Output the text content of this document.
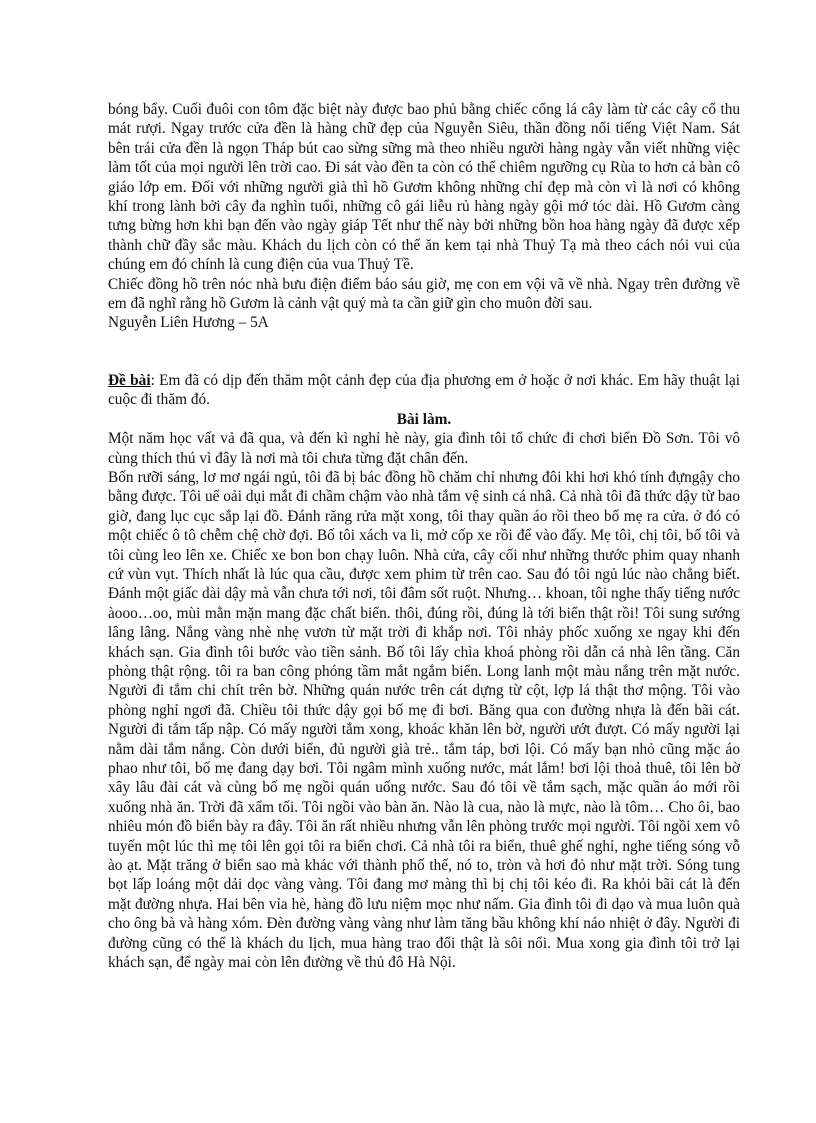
bóng bẩy. Cuối đuôi con tôm đặc biệt này được bao phủ bằng chiếc cổng lá cây làm từ các cây cổ thu mát rượi. Ngay trước cửa đền là hàng chữ đẹp của Nguyễn Siêu, thần đồng nổi tiếng Việt Nam. Sát bên trái cửa đền là ngọn Tháp bút cao sừng sững mà theo nhiều người hàng ngày vẫn viết những việc làm tốt của mọi người lên trời cao. Đi sát vào đền ta còn có thể chiêm ngưỡng cụ Rùa to hơn cả bàn cô giáo lớp em. Đối với những người già thì hồ Gươm không những chỉ đẹp mà còn vì là nơi có không khí trong lành bởi cây đa nghìn tuổi, những cô gái liễu rủ hàng ngày gội mớ tóc dài. Hồ Gươm càng tưng bừng hơn khi bạn đến vào ngày giáp Tết như thế này bởi những bồn hoa hàng ngày đã được xếp thành chữ đầy sắc màu. Khách du lịch còn có thể ăn kem tại nhà Thuỷ Tạ mà theo cách nói vui của chúng em đó chính là cung điện của vua Thuỷ Tề.

Chiếc đồng hồ trên nóc nhà bưu điện điểm báo sáu giờ, mẹ con em vội vã về nhà. Ngay trên đường về em đã nghĩ rằng hồ Gươm là cảnh vật quý mà ta cần giữ gìn cho muôn đời sau.

Nguyễn Liên Hương – 5A

Đề bài: Em đã có dịp đến thăm một cảnh đẹp của địa phương em ở hoặc ở nơi khác. Em hãy thuật lại cuộc đi thăm đó.

Bài làm.

Một năm học vất vả đã qua, và đến kì nghỉ hè này, gia đình tôi tổ chức đi chơi biển Đồ Sơn. Tôi vô cùng thích thú vì đây là nơi mà tôi chưa từng đặt chân đến.

Bốn rưỡi sáng, lơ mơ ngái ngủ, tôi đã bị bác đồng hồ chăm chỉ nhưng đôi khi hơi khó tính đựngậy cho bằng được. Tôi uể oải dụi mắt đi chầm chậm vào nhà tắm vệ sinh cá nhâ. Cả nhà tôi đã thức dậy từ bao giờ, đang lục cục sắp lại đồ. Đánh răng rửa mặt xong, tôi thay quần áo rồi theo bố mẹ ra cửa. ở đó có một chiếc ô tô chễm chệ chờ đợi. Bố tôi xách va li, mở cốp xe rồi để vào đấy. Mẹ tôi, chị tôi, bố tôi và tôi cùng leo lên xe. Chiếc xe bon bon chạy luôn. Nhà cửa, cây cối như những thước phim quay nhanh cứ vùn vụt. Thích nhất là lúc qua cầu, được xem phim từ trên cao. Sau đó tôi ngủ lúc nào chẳng biết. Đánh một giấc dài dậy mà vẫn chưa tới nơi, tôi đâm sốt ruột. Nhưng… khoan, tôi nghe thấy tiếng nước àooo…oo, mùi mằn mặn mang đặc chất biển. thôi, đúng rồi, đúng là tới biển thật rồi! Tôi sung sướng lâng lâng. Nắng vàng nhè nhẹ vươn từ mặt trời đi khắp nơi. Tôi nhảy phốc xuống xe ngay khi đến khách sạn. Gia đình tôi bước vào tiền sảnh. Bố tôi lấy chìa khoá phòng rồi dẫn cả nhà lên tầng. Căn phòng thật rộng. tôi ra ban công phóng tầm mắt ngắm biển. Long lanh một màu nắng trên mặt nước. Người đi tắm chi chít trên bờ. Những quán nước trên cát dựng từ cột, lợp lá thật thơ mộng. Tôi vào phòng nghỉ ngơi đã. Chiều tôi thức dậy gọi bố mẹ đi bơi. Băng qua con đường nhựa là đến bãi cát. Người đi tắm tấp nập. Có mấy người tắm xong, khoác khăn lên bờ, người ướt đượt. Có mấy người lại nằm dài tắm nắng. Còn dưới biển, đủ người già trẻ.. tắm táp, bơi lội. Có mấy bạn nhỏ cũng mặc áo phao như tôi, bố mẹ đang dạy bơi. Tôi ngâm mình xuống nước, mát lắm! bơi lội thoả thuê, tôi lên bờ xây lâu đài cát và cùng bố mẹ ngồi quán uống nước. Sau đó tôi về tắm sạch, mặc quần áo mới rồi xuống nhà ăn. Trời đã xẩm tối. Tôi ngồi vào bàn ăn. Nào là cua, nào là mực, nào là tôm… Cho ôi, bao nhiêu món đồ biển bày ra đây. Tôi ăn rất nhiều nhưng vẫn lên phòng trước mọi người. Tôi ngồi xem vô tuyến một lúc thì mẹ tôi lên gọi tôi ra biển chơi. Cả nhà tôi ra biển, thuê ghế nghỉ, nghe tiếng sóng vỗ ào ạt. Mặt trăng ở biển sao mà khác với thành phố thế, nó to, tròn và hơi đỏ như mặt trời. Sóng tung bọt lấp loáng một dải dọc vàng vàng. Tôi đang mơ màng thì bị chị tôi kéo đi. Ra khỏi bãi cát là đến mặt đường nhựa. Hai bên vỉa hè, hàng đồ lưu niệm mọc như nấm. Gia đình tôi đi dạo và mua luôn quà cho ông bà và hàng xóm. Đèn đường vàng vàng như làm tăng bầu không khí náo nhiệt ở đây. Người đi đường cũng có thể là khách du lịch, mua hàng trao đổi thật là sôi nổi. Mua xong gia đình tôi trở lại khách sạn, để ngày mai còn lên đường về thủ đô Hà Nội.
